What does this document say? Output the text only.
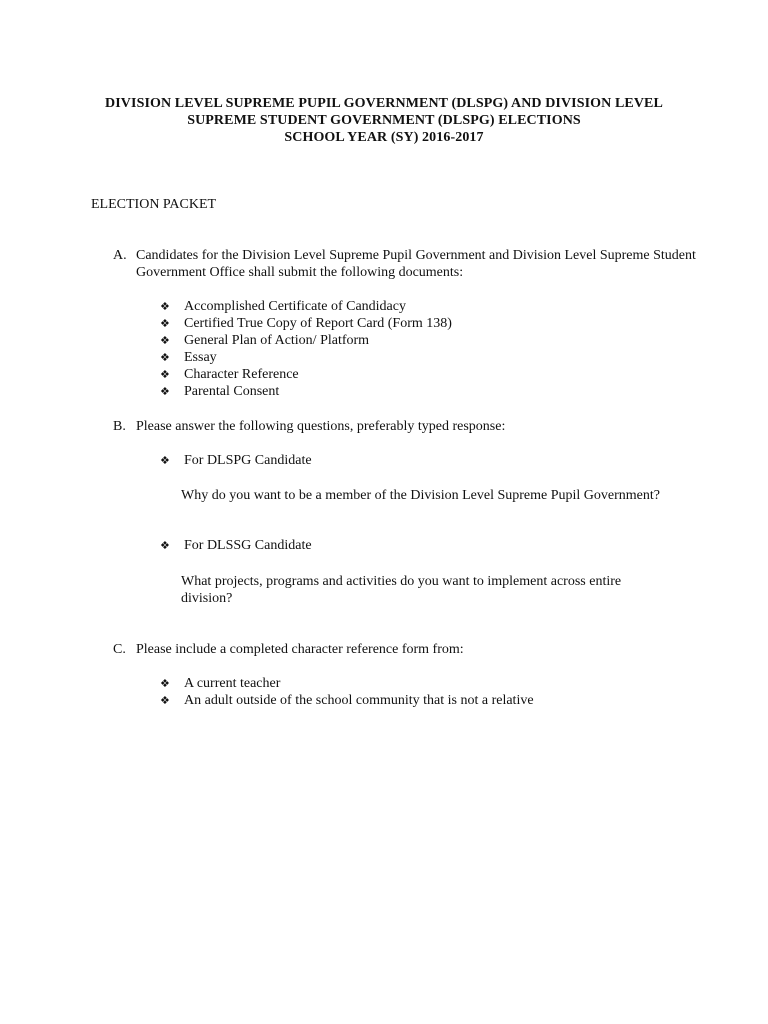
DIVISION LEVEL SUPREME PUPIL GOVERNMENT (DLSPG) AND DIVISION LEVEL
SUPREME STUDENT GOVERNMENT (DLSPG) ELECTIONS
SCHOOL YEAR (SY) 2016-2017
ELECTION PACKET
A. Candidates for the Division Level Supreme Pupil Government and Division Level Supreme Student Government Office shall submit the following documents:
❖ Accomplished Certificate of Candidacy
❖ Certified True Copy of Report Card (Form 138)
❖ General Plan of Action/ Platform
❖ Essay
❖ Character Reference
❖ Parental Consent
B. Please answer the following questions, preferably typed response:
❖ For DLSPG Candidate
Why do you want to be a member of the Division Level Supreme Pupil Government?
❖ For DLSSG Candidate
What projects, programs and activities do you want to implement across entire division?
C. Please include a completed character reference form from:
❖ A current teacher
❖ An adult outside of the school community that is not a relative
